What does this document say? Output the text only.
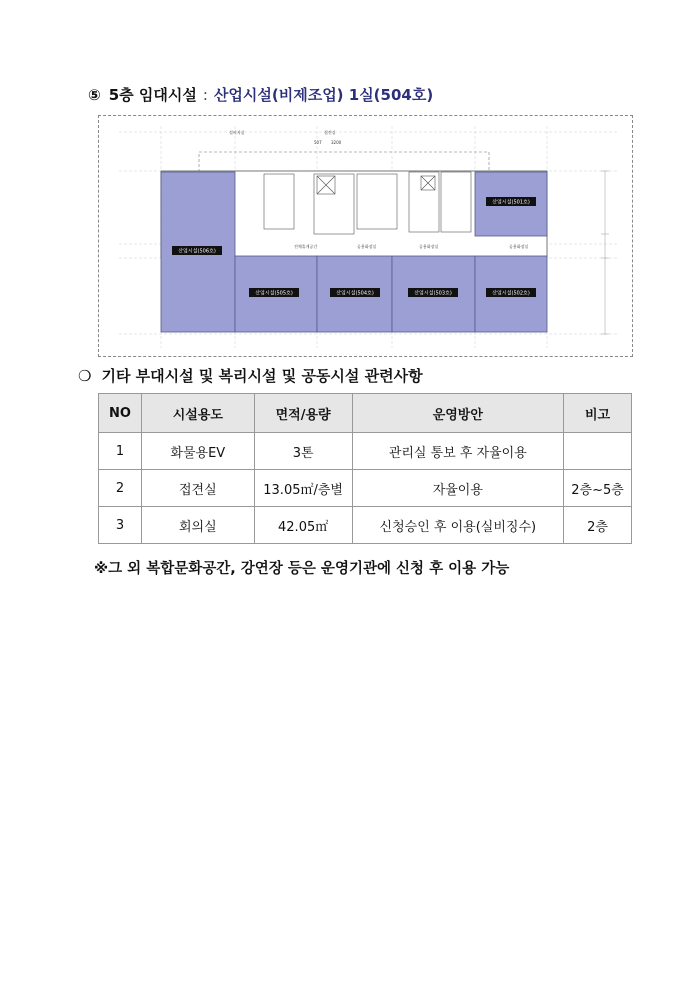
⑤ 5층 임대시설 : 산업시설(비제조업) 1실(504호)
산업시설(501호)
산업시설(502호)
산업시설(503호)
산업시설(504호)
산업시설(505호)
산업시설(506호)
전체휴게공간	공용화장실	공용화장실	공용화장실
설비지실	접견실
507 3200
❍ 기타 부대시설 및 복리시설 및 공동시설 관련사항
NO	시설용도	면적/용량	운영방안	비고
1	화물용EV	3톤	관리실 통보 후 자율이용	
2	접견실	13.05㎡/층별	자율이용	2층~5층
3	회의실	42.05㎡	신청승인 후 이용(실비징수)	2층
※그 외 복합문화공간, 강연장 등은 운영기관에 신청 후 이용 가능
